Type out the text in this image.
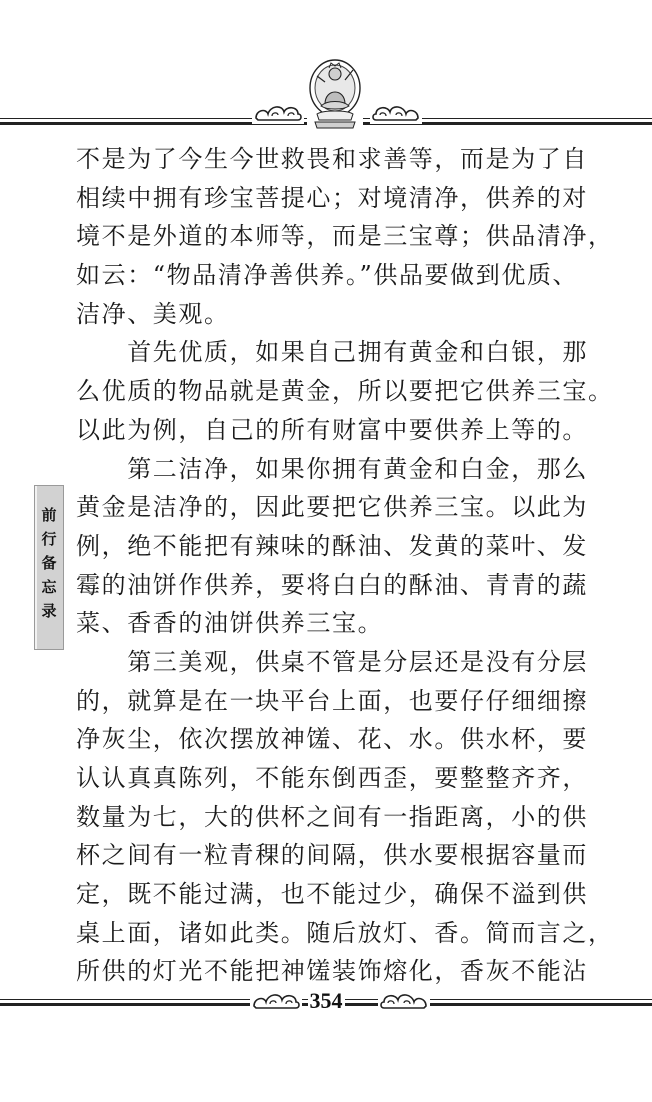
前
行
备
忘
录
不是为了今生今世救畏和求善等，而是为了自
相续中拥有珍宝菩提心；对境清净，供养的对
境不是外道的本师等，而是三宝尊；供品清净，
如云：“物品清净善供养。”供品要做到优质、
洁净、美观。
　　首先优质，如果自己拥有黄金和白银，那
么优质的物品就是黄金，所以要把它供养三宝。
以此为例，自己的所有财富中要供养上等的。
　　第二洁净，如果你拥有黄金和白金，那么
黄金是洁净的，因此要把它供养三宝。以此为
例，绝不能把有辣味的酥油、发黄的菜叶、发
霉的油饼作供养，要将白白的酥油、青青的蔬
菜、香香的油饼供养三宝。
　　第三美观，供桌不管是分层还是没有分层
的，就算是在一块平台上面，也要仔仔细细擦
净灰尘，依次摆放神馐、花、水。供水杯，要
认认真真陈列，不能东倒西歪，要整整齐齐，
数量为七，大的供杯之间有一指距离，小的供
杯之间有一粒青稞的间隔，供水要根据容量而
定，既不能过满，也不能过少，确保不溢到供
桌上面，诸如此类。随后放灯、香。简而言之，
所供的灯光不能把神馐装饰熔化，香灰不能沾
354
